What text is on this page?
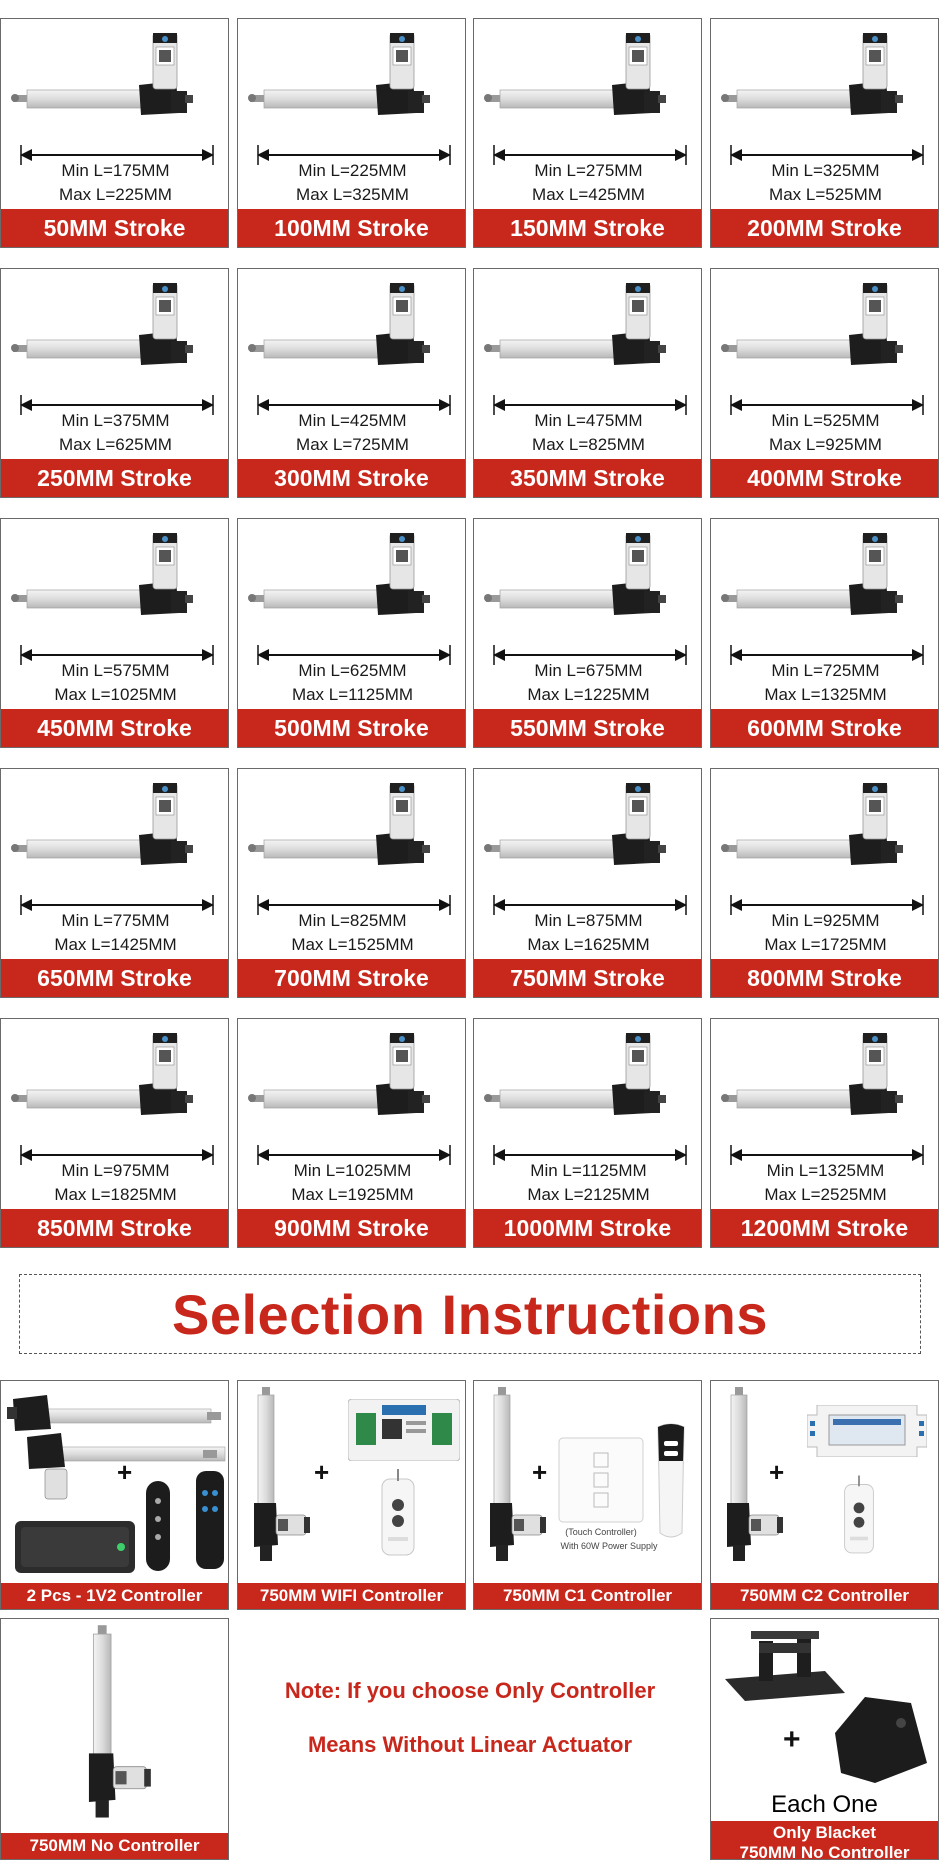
Min L=175MM
Max L=225MM
50MM Stroke
Min L=225MM
Max L=325MM
100MM Stroke
Min L=275MM
Max L=425MM
150MM Stroke
Min L=325MM
Max L=525MM
200MM Stroke
Min L=375MM
Max L=625MM
250MM Stroke
Min L=425MM
Max L=725MM
300MM Stroke
Min L=475MM
Max L=825MM
350MM Stroke
Min L=525MM
Max L=925MM
400MM Stroke
Min L=575MM
Max L=1025MM
450MM Stroke
Min L=625MM
Max L=1125MM
500MM Stroke
Min L=675MM
Max L=1225MM
550MM Stroke
Min L=725MM
Max L=1325MM
600MM Stroke
Min L=775MM
Max L=1425MM
650MM Stroke
Min L=825MM
Max L=1525MM
700MM Stroke
Min L=875MM
Max L=1625MM
750MM Stroke
Min L=925MM
Max L=1725MM
800MM Stroke
Min L=975MM
Max L=1825MM
850MM Stroke
Min L=1025MM
Max L=1925MM
900MM Stroke
Min L=1125MM
Max L=2125MM
1000MM Stroke
Min L=1325MM
Max L=2525MM
1200MM Stroke
Selection Instructions
+
2 Pcs - 1V2 Controller
+
750MM WIFI Controller
(Touch Controller)
With 60W Power Supply
+
750MM C1 Controller
+
750MM C2 Controller
750MM No Controller
Note: If you choose Only Controller
Means Without Linear Actuator	+
Each One
Only Blacket
750MM No Controller
